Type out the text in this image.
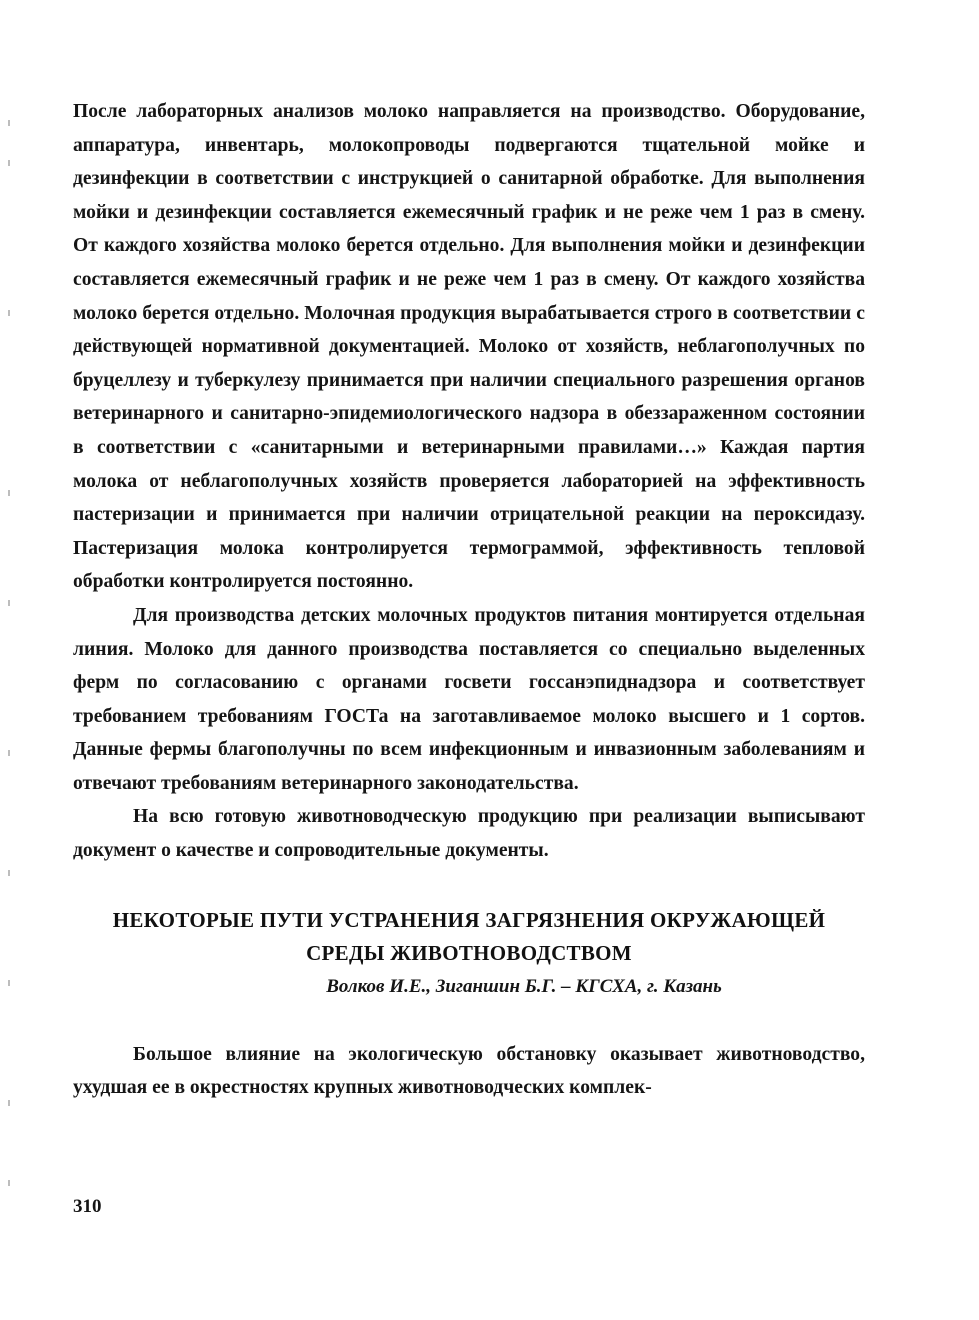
После лабораторных анализов молоко направляется на производство. Оборудование, аппаратура, инвентарь, молокопроводы подвергаются тщательной мойке и дезинфекции в соответствии с инструкцией о санитарной обработке. Для выполнения мойки и дезинфекции составляется ежемесячный график и не реже чем 1 раз в смену. От каждого хозяйства молоко берется отдельно. Для выполнения мойки и дезинфекции составляется ежемесячный график и не реже чем 1 раз в смену. От каждого хозяйства молоко берется отдельно. Молочная продукция вырабатывается строго в соответствии с действующей нормативной документацией. Молоко от хозяйств, неблагополучных по бруцеллезу и туберкулезу принимается при наличии специального разрешения органов ветеринарного и санитарно-эпидемиологического надзора в обеззараженном состоянии в соответствии с «санитарными и ветеринарными правилами…» Каждая партия молока от неблагополучных хозяйств проверяется лабораторией на эффективность пастеризации и принимается при наличии отрицательной реакции на пероксидазу. Пастеризация молока контролируется термограммой, эффективность тепловой обработки контролируется постоянно.

Для производства детских молочных продуктов питания монтируется отдельная линия. Молоко для данного производства поставляется со специально выделенных ферм по согласованию с органами госвети госсанэпиднадзора и соответствует требованием требованиям ГОСТа на заготавливаемое молоко высшего и 1 сортов. Данные фермы благополучны по всем инфекционным и инвазионным заболеваниям и отвечают требованиям ветеринарного законодательства.

На всю готовую животноводческую продукцию при реализации выписывают документ о качестве и сопроводительные документы.

НЕКОТОРЫЕ ПУТИ УСТРАНЕНИЯ ЗАГРЯЗНЕНИЯ ОКРУЖАЮЩЕЙ
СРЕДЫ ЖИВОТНОВОДСТВОМ
Волков И.Е., Зиганшин Б.Г. – КГСХА, г. Казань

Большое влияние на экологическую обстановку оказывает животноводство, ухудшая ее в окрестностях крупных животноводческих комплек-

310
